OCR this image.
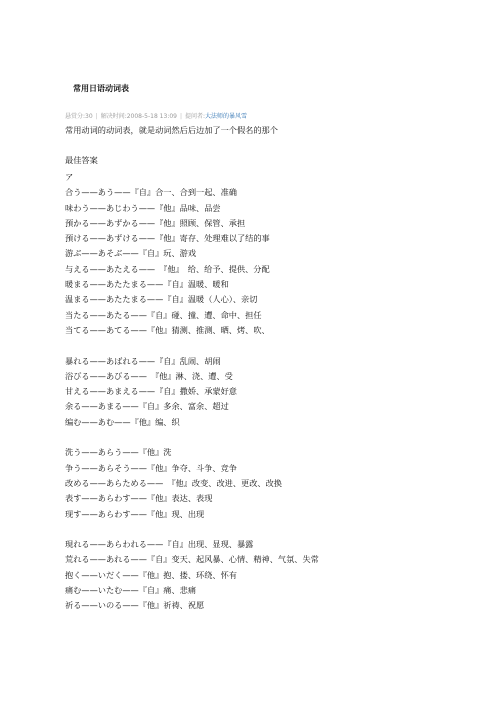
常用日语动词表
悬赏分:30 | 解决时间:2008-5-18 13:09 | 提问者:大法师的暴风雪
常用动词的动词表，就是动词然后后边加了一个假名的那个
最佳答案
ア
合う——あう——『自』合一、合到一起、准确
味わう——あじわう——『他』品味、品尝
預かる——あずかる——『他』照顾、保管、承担
預ける——あずける——『他』寄存、处理难以了结的事
游ぶ——あそぶ——『自』玩、游戏
与える——あたえる——　『他』　给、给予、提供、分配
暖まる——あたたまる——『自』温暖、暖和
温まる——あたたまる——『自』温暖（人心）、亲切
当たる——あたる——『自』碰、撞、遭、命中、担任
当てる——あてる——『他』猜测、推测、晒、烤、吹、
暴れる——あばれる——『自』乱闹、胡闹
浴びる——あびる——　『他』淋、浇、遭、受
甘える——あまえる——『自』撒娇、承蒙好意
余る——あまる——『自』多余、富余、超过
编む——あむ——『他』编、织
洗う——あらう——『他』洗
争う——あらそう——『他』争夺、斗争、竞争
改める——あらためる——　『他』改变、改进、更改、改换
表す——あらわす——『他』表达、表现
现す——あらわす——『他』现、出现
現れる——あらわれる——『自』出现、显现、暴露
荒れる——あれる——『自』变天、起风暴、心情、精神、气氛、失常
抱く——いだく——『他』抱、搂、环绕、怀有
痛む——いたむ——『自』痛、悲痛
祈る——いのる——『他』祈祷、祝愿
